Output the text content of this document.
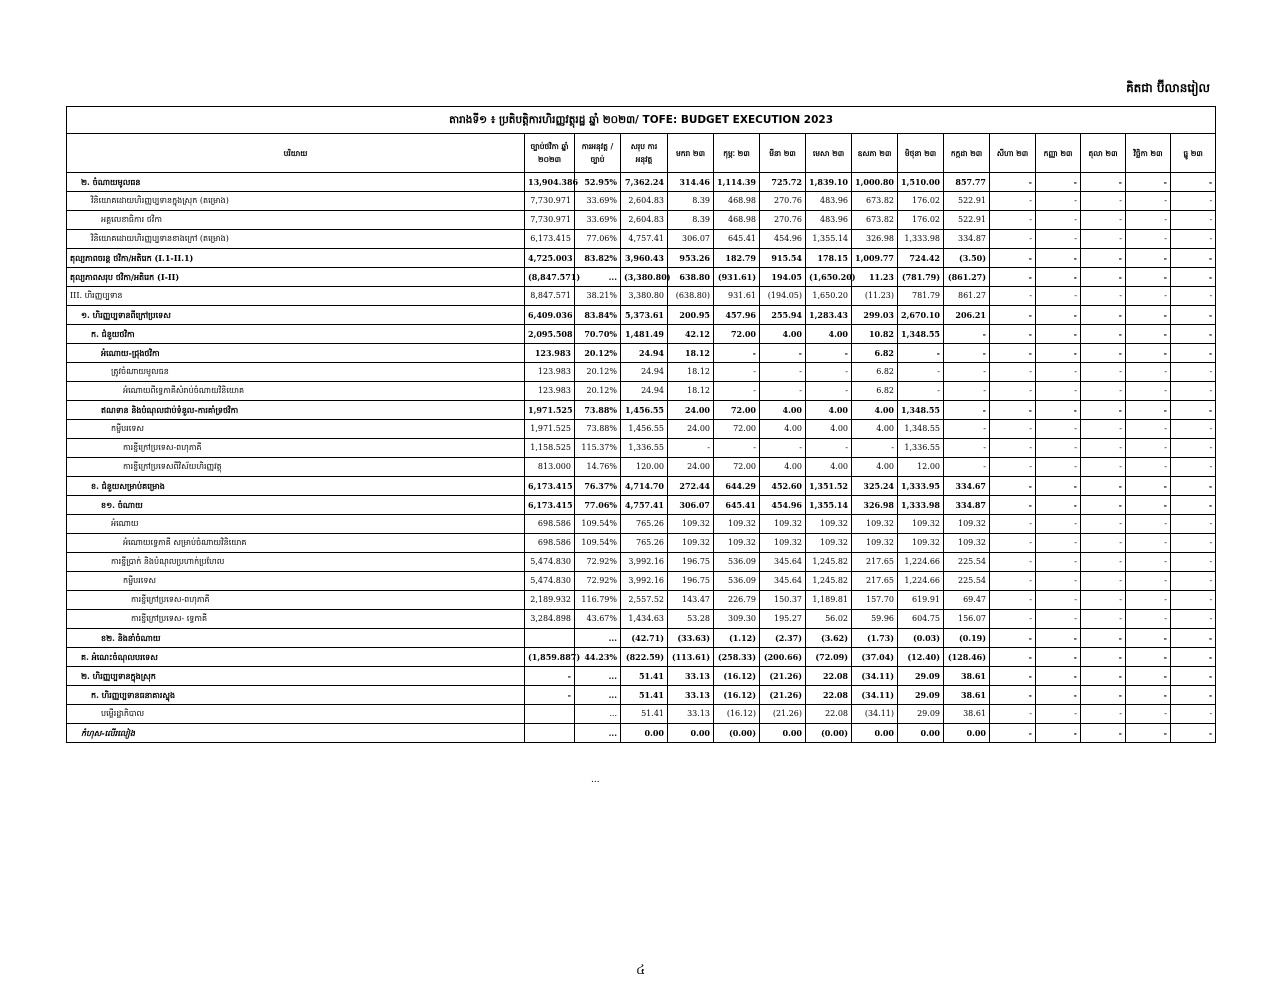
គិតជា ប៊ីលានរៀល
តារាងទី១ ៖ ប្រតិបត្តិការហិរញ្ញវត្ថុរដ្ឋ ឆ្នាំ ២០២៣/ TOFE: BUDGET EXECUTION 2023															
បរិយាយ	ច្បាប់ថវិកា ឆ្នាំ ២០២៣	ការអនុវត្ត /ច្បាប់	សរុប ការអនុវត្ត	មករា ២៣	កុម្ភៈ ២៣	មីនា ២៣	មេសា ២៣	ឧសភា ២៣	មិថុនា ២៣	កក្កដា ២៣	សីហា ២៣	កញ្ញា ២៣	តុលា ២៣	វិច្ឆិកា ២៣	ធ្នូ ២៣
២. ចំណាយមូលធន	13,904.386	52.95%	7,362.24	314.46	1,114.39	725.72	1,839.10	1,000.80	1,510.00	857.77	-	-	-	-	-
វិនិយោគដោយហិរញ្ញប្បទានក្នុងស្រុក (តម្រោង)	7,730.971	33.69%	2,604.83	8.39	468.98	270.76	483.96	673.82	176.02	522.91	-	-	-	-	-
អគ្គលេខាធិការ ថវិកា	7,730.971	33.69%	2,604.83	8.39	468.98	270.76	483.96	673.82	176.02	522.91	-	-	-	-	-
វិនិយោគដោយហិរញ្ញប្បទានខាងក្រៅ (តម្រោង)	6,173.415	77.06%	4,757.41	306.07	645.41	454.96	1,355.14	326.98	1,333.98	334.87	-	-	-	-	-
តុល្យភាពចរន្ត ថវិកា/អតិរេក (I.1-II.1)	4,725.003	83.82%	3,960.43	953.26	182.79	915.54	178.15	1,009.77	724.42	(3.50)	-	-	-	-	-
តុល្យភាពសរុប ថវិកា/អតិរេក (I-II)	(8,847.571)	...	(3,380.80)	638.80	(931.61)	194.05	(1,650.20)	11.23	(781.79)	(861.27)	-	-	-	-	-
III. ហិរញ្ញប្បទាន	8,847.571	38.21%	3,380.80	(638.80)	931.61	(194.05)	1,650.20	(11.23)	781.79	861.27	-	-	-	-	-
១. ហិរញ្ញប្បទានពីក្រៅប្រទេស	6,409.036	83.84%	5,373.61	200.95	457.96	255.94	1,283.43	299.03	2,670.10	206.21	-	-	-	-	-
ក. ជំនួយថវិកា	2,095.508	70.70%	1,481.49	42.12	72.00	4.00	4.00	10.82	1,348.55	-	-	-	-	-	-
អំណោយ-ជ្រុងថវិកា	123.983	20.12%	24.94	18.12	-	-	-	6.82	-	-	-	-	-	-	-
ត្រូវចំណាយមូលធន	123.983	20.12%	24.94	18.12	-	-	-	6.82	-	-	-	-	-	-	-
អំណោយពីទ្វេភាគីសំរាប់ចំណាយវិនិយោគ	123.983	20.12%	24.94	18.12	-	-	-	6.82	-	-	-	-	-	-	-
ឥណទាន និងបំណុលជាប់ទំនួល-ការគាំទ្រថវិកា	1,971.525	73.88%	1,456.55	24.00	72.00	4.00	4.00	4.00	1,348.55	-	-	-	-	-	-
កម្ចីបរទេស	1,971.525	73.88%	1,456.55	24.00	72.00	4.00	4.00	4.00	1,348.55	-	-	-	-	-	-
ការខ្ចីក្រៅប្រទេស-ពហុភាគី	1,158.525	115.37%	1,336.55	-	-	-	-	-	1,336.55	-	-	-	-	-	-
ការខ្ចីក្រៅប្រទេសពីវិស័យហិរញ្ញវត្ថុ	813.000	14.76%	120.00	24.00	72.00	4.00	4.00	4.00	12.00	-	-	-	-	-	-
ខ. ជំនួយសម្រាប់គម្រោង	6,173.415	76.37%	4,714.70	272.44	644.29	452.60	1,351.52	325.24	1,333.95	334.67	-	-	-	-	-
ខ១. ចំណាយ	6,173.415	77.06%	4,757.41	306.07	645.41	454.96	1,355.14	326.98	1,333.98	334.87	-	-	-	-	-
អំណោយ	698.586	109.54%	765.26	109.32	109.32	109.32	109.32	109.32	109.32	109.32	-	-	-	-	-
អំណោយទ្វេភាគី សម្រាប់ចំណាយវិនិយោគ	698.586	109.54%	765.26	109.32	109.32	109.32	109.32	109.32	109.32	109.32	-	-	-	-	-
ការខ្ចីប្រាក់ និងបំណុលប្រហាក់ប្រហែល	5,474.830	72.92%	3,992.16	196.75	536.09	345.64	1,245.82	217.65	1,224.66	225.54	-	-	-	-	-
កម្ចីបរទេស	5,474.830	72.92%	3,992.16	196.75	536.09	345.64	1,245.82	217.65	1,224.66	225.54	-	-	-	-	-
ការខ្ចីក្រៅប្រទេស-ពហុភាគី	2,189.932	116.79%	2,557.52	143.47	226.79	150.37	1,189.81	157.70	619.91	69.47	-	-	-	-	-
ការខ្ចីក្រៅប្រទេស- ទ្វេភាគី	3,284.898	43.67%	1,434.63	53.28	309.30	195.27	56.02	59.96	604.75	156.07	-	-	-	-	-
ខ២. និងនាំចំណាយ		...	(42.71)	(33.63)	(1.12)	(2.37)	(3.62)	(1.73)	(0.03)	(0.19)	-	-	-	-	-
គ. អំណេះចំណុលបរទេស	(1,859.887)	44.23%	(822.59)	(113.61)	(258.33)	(200.66)	(72.09)	(37.04)	(12.40)	(128.46)	-	-	-	-	-
២. ហិរញ្ញប្បទានក្នុងស្រុក	-	...	51.41	33.13	(16.12)	(21.26)	22.08	(34.11)	29.09	38.61	-	-	-	-	-
ក. ហិរញ្ញប្បទានធនាគារស្ទុង	-	...	51.41	33.13	(16.12)	(21.26)	22.08	(34.11)	29.09	38.61	-	-	-	-	-
បម្លើរដ្ឋាភិបាល		...	51.41	33.13	(16.12)	(21.26)	22.08	(34.11)	29.09	38.61	-	-	-	-	-
កំហុស-លើរលៀង		...	0.00	0.00	(0.00)	0.00	(0.00)	0.00	0.00	0.00	-	-	-	-	-
...
៤
